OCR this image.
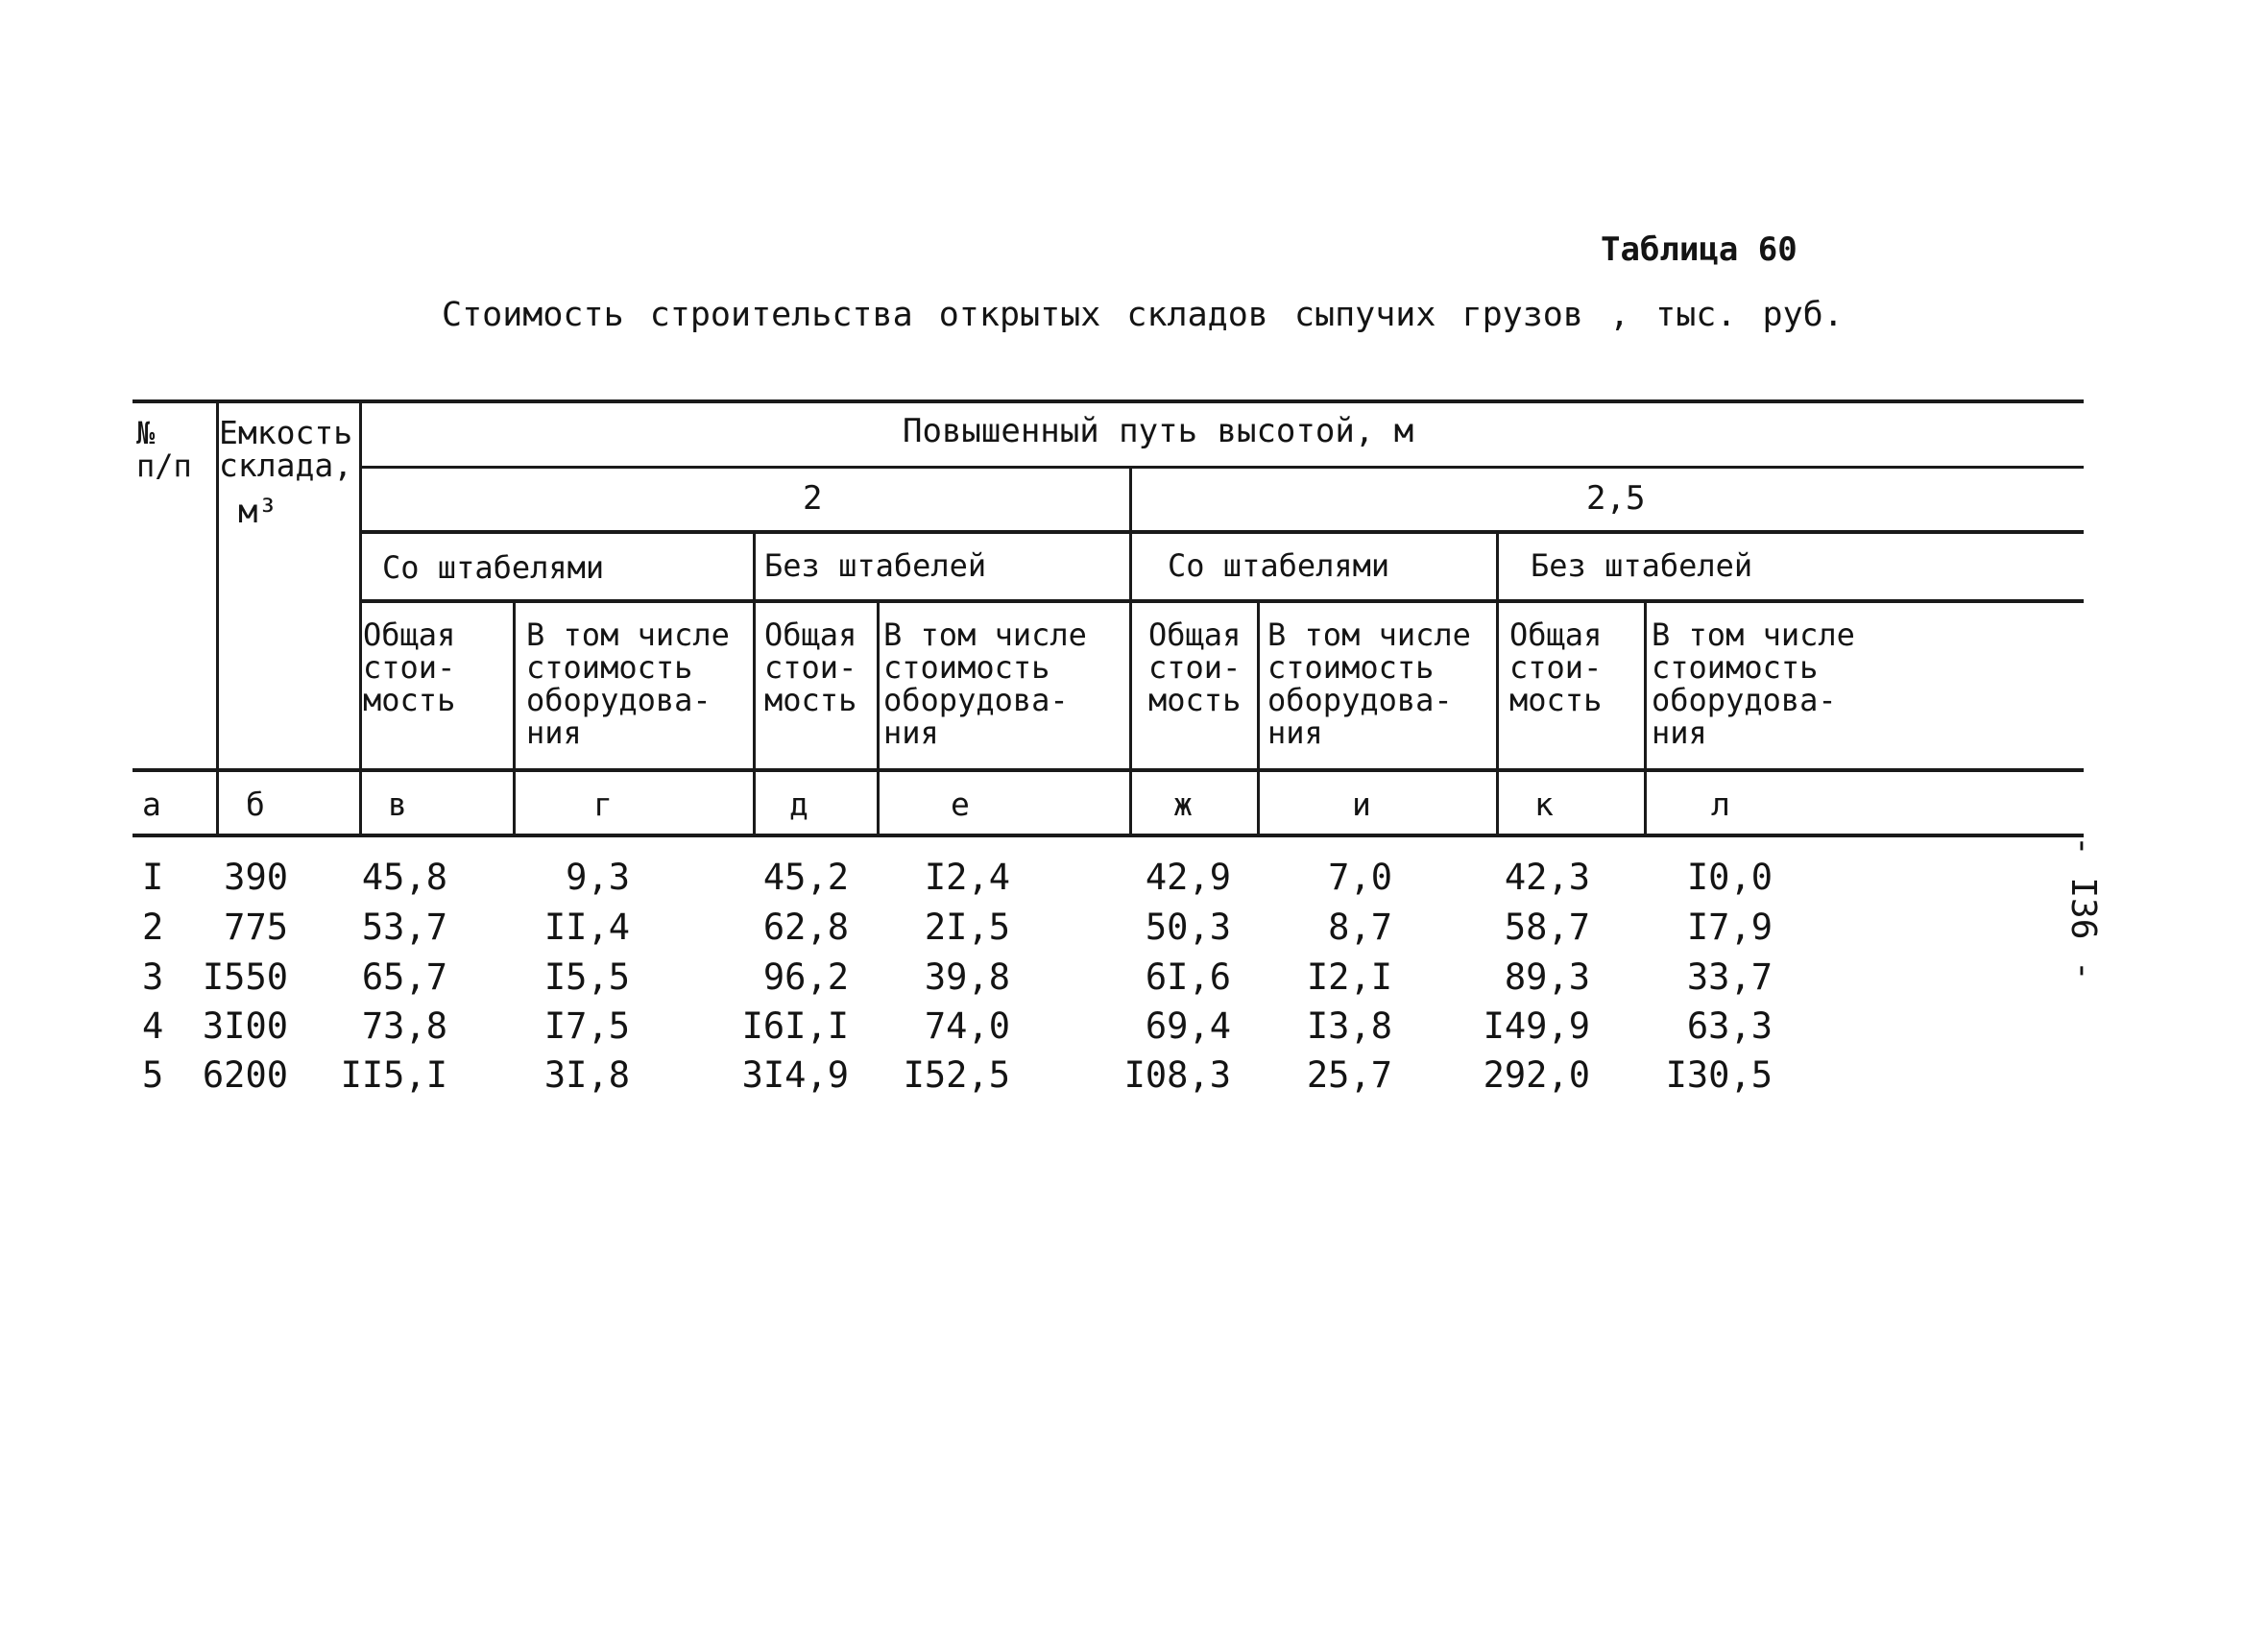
Таблица 60
Стоимость строительства открытых складов сыпучих грузов , тыс. руб.
№
п/п
Емкость
склада,
м³
Повышенный путь высотой, м
2	2,5
Со штабелями	Без штабелей	Со штабелями	Без штабелей
Общая
стои-
мость
В том числе
стоимость
оборудова-
ния
Общая
стои-
мость
В том числе
стоимость
оборудова-
ния
Общая
стои-
мость
В том числе
стоимость
оборудова-
ния
Общая
стои-
мость
В том числе
стоимость
оборудова-
ния
а	б	в	г	д	е	ж	и	к	л
I	390	45,8	9,3	45,2	I2,4	42,9	7,0	42,3	I0,0
2	775	53,7	II,4	62,8	2I,5	50,3	8,7	58,7	I7,9
3	I550	65,7	I5,5	96,2	39,8	6I,6	I2,I	89,3	33,7
4	3I00	73,8	I7,5	I6I,I	74,0	69,4	I3,8	I49,9	63,3
5	6200	II5,I	3I,8	3I4,9	I52,5	I08,3	25,7	292,0	I30,5
- I36 -
